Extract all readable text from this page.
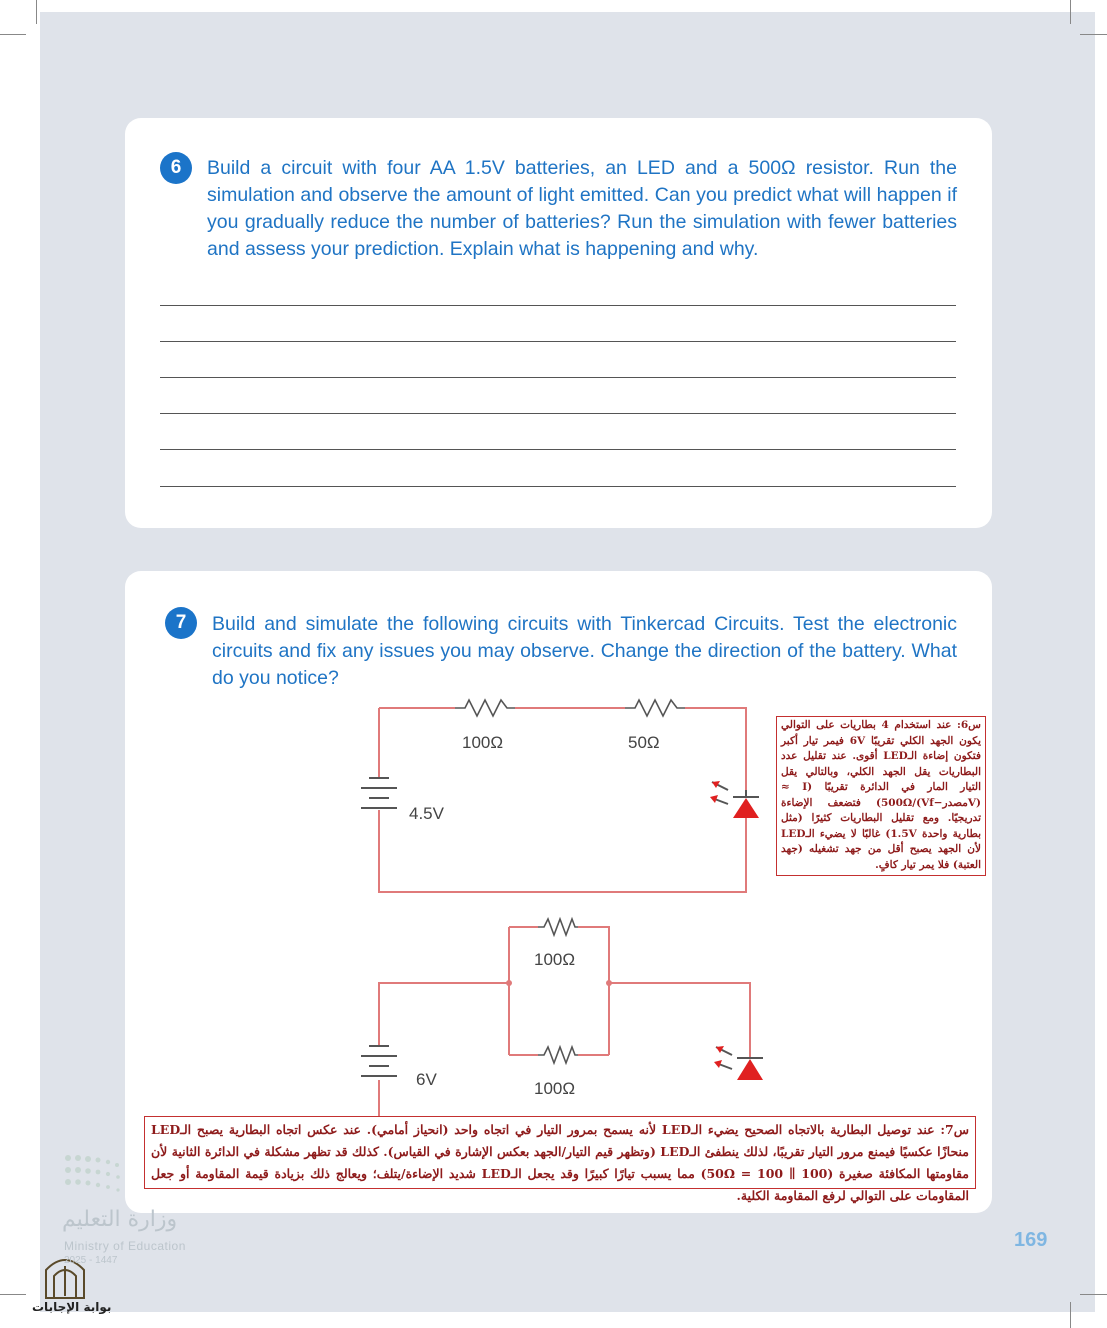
6	Build a circuit with four AA 1.5V batteries, an LED and a 500Ω resistor. Run the simulation and observe the amount of light emitted. Can you predict what will happen if you gradually reduce the number of batteries? Run the simulation with fewer batteries and assess your prediction. Explain what is happening and why.
7	Build and simulate the following circuits with Tinkercad Circuits. Test the electronic circuits and fix any issues you may observe. Change the direction of the battery. What do you notice?
100Ω	50Ω
4.5V
100Ω
100Ω
6V
س6: عند استخدام 4 بطاريات على التوالي يكون الجهد الكلي تقريبًا 6V فيمر تيار أكبر فتكون إضاءة الـLED أقوى. عند تقليل عدد البطاريات يقل الجهد الكلي، وبالتالي يقل التيار المار في الدائرة تقريبًا (I ≈ (Vمصدر−Vf)/500Ω) فتضعف الإضاءة تدريجيًا. ومع تقليل البطاريات كثيرًا (مثل بطارية واحدة 1.5V) غالبًا لا يضيء الـLED لأن الجهد يصبح أقل من جهد تشغيله (جهد العتبة) فلا يمر تيار كافٍ.
س7: عند توصيل البطارية بالاتجاه الصحيح يضيء الـLED لأنه يسمح بمرور التيار في اتجاه واحد (انحياز أمامي). عند عكس اتجاه البطارية يصبح الـLED منحازًا عكسيًا فيمنع مرور التيار تقريبًا، لذلك ينطفئ الـLED (وتظهر قيم التيار/الجهد بعكس الإشارة في القياس). كذلك قد تظهر مشكلة في الدائرة الثانية لأن مقاومتها المكافئة صغيرة (100 ∥ 100 = 50Ω) مما يسبب تيارًا كبيرًا وقد يجعل الـLED شديد الإضاءة/يتلف؛ ويعالج ذلك بزيادة قيمة المقاومة أو جعل المقاومات على التوالي لرفع المقاومة الكلية.
وزارة التعليم
Ministry of Education
2025 - 1447
169
بوابة الإجابات
